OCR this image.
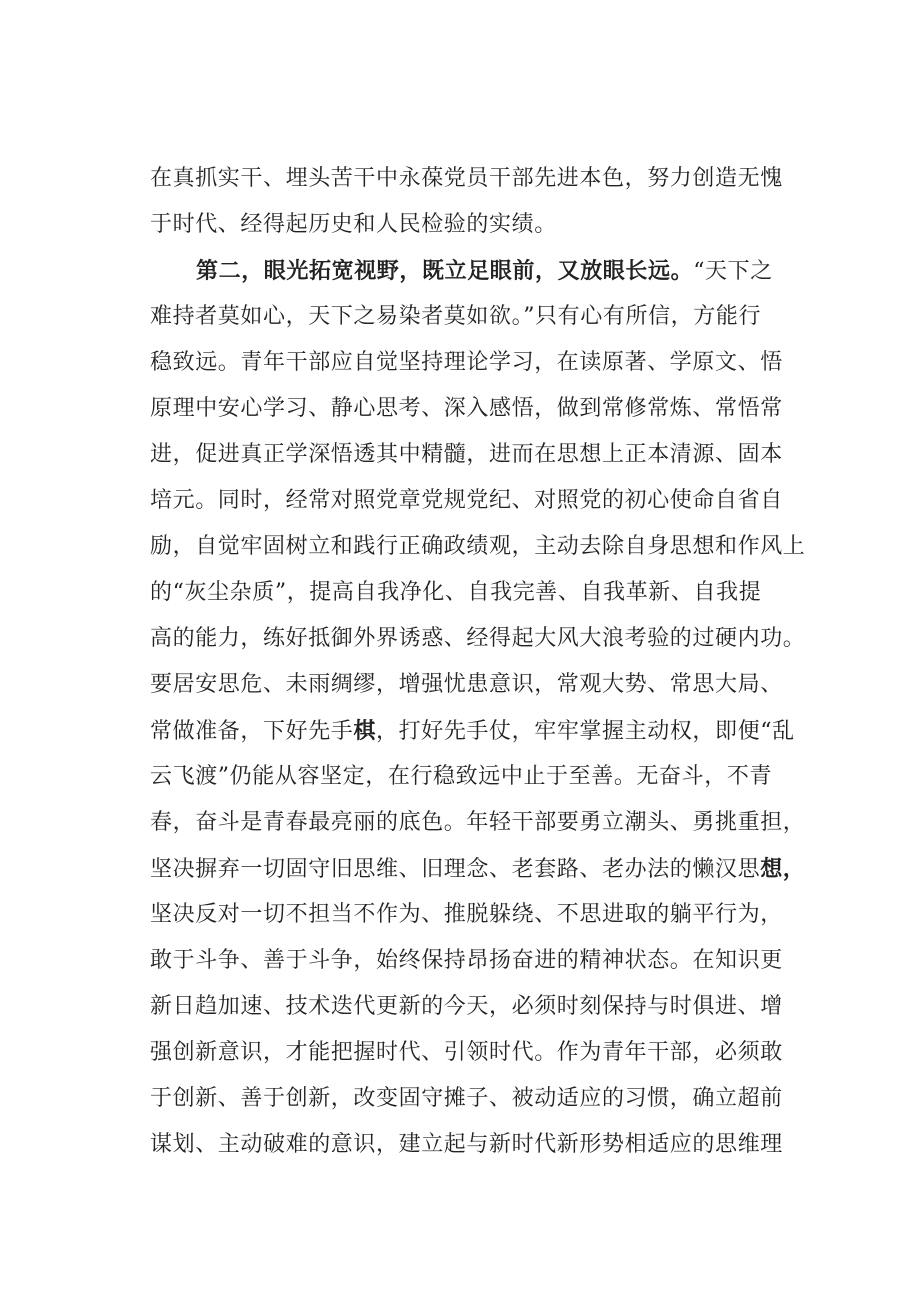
在真抓实干、埋头苦干中永葆党员干部先进本色，努力创造无愧
于时代、经得起历史和人民检验的实绩。
第二，眼光拓宽视野，既立足眼前，又放眼长远。“天下之
难持者莫如心，天下之易染者莫如欲。”只有心有所信，方能行
稳致远。青年干部应自觉坚持理论学习，在读原著、学原文、悟
原理中安心学习、静心思考、深入感悟，做到常修常炼、常悟常
进，促进真正学深悟透其中精髓，进而在思想上正本清源、固本
培元。同时，经常对照党章党规党纪、对照党的初心使命自省自
励，自觉牢固树立和践行正确政绩观，主动去除自身思想和作风上
的“灰尘杂质”，提高自我净化、自我完善、自我革新、自我提
高的能力，练好抵御外界诱惑、经得起大风大浪考验的过硬内功。
要居安思危、未雨绸缪，增强忧患意识，常观大势、常思大局、
常做准备，下好先手棋，打好先手仗，牢牢掌握主动权，即便“乱
云飞渡”仍能从容坚定，在行稳致远中止于至善。无奋斗，不青
春，奋斗是青春最亮丽的底色。年轻干部要勇立潮头、勇挑重担，
坚决摒弃一切固守旧思维、旧理念、老套路、老办法的懒汉思想，
坚决反对一切不担当不作为、推脱躲绕、不思进取的躺平行为，
敢于斗争、善于斗争，始终保持昂扬奋进的精神状态。在知识更
新日趋加速、技术迭代更新的今天，必须时刻保持与时俱进、增
强创新意识，才能把握时代、引领时代。作为青年干部，必须敢
于创新、善于创新，改变固守摊子、被动适应的习惯，确立超前
谋划、主动破难的意识，建立起与新时代新形势相适应的思维理
